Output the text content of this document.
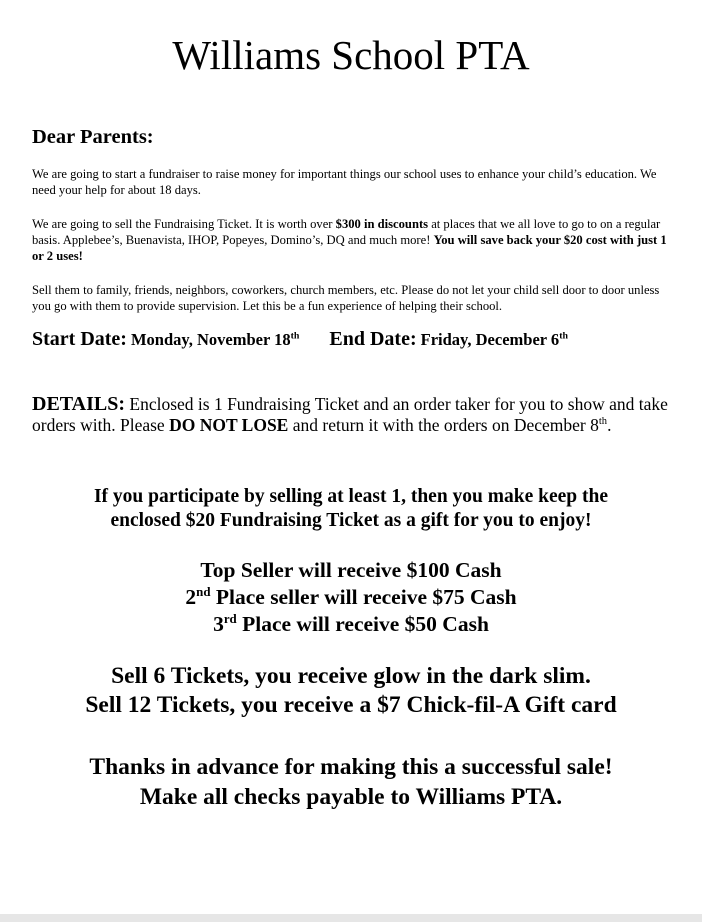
Williams School PTA

Dear Parents:

We are going to start a fundraiser to raise money for important things our school uses to enhance your child’s education. We need your help for about 18 days.

We are going to sell the Fundraising Ticket. It is worth over $300 in discounts at places that we all love to go to on a regular basis. Applebee’s, Buenavista, IHOP, Popeyes, Domino’s, DQ and much more! You will save back your $20 cost with just 1 or 2 uses!

Sell them to family, friends, neighbors, coworkers, church members, etc. Please do not let your child sell door to door unless you go with them to provide supervision. Let this be a fun experience of helping their school.

Start Date: Monday, November 18th End Date: Friday, December 6th

DETAILS: Enclosed is 1 Fundraising Ticket and an order taker for you to show and take orders with. Please DO NOT LOSE and return it with the orders on December 8th.

If you participate by selling at least 1, then you make keep the
enclosed $20 Fundraising Ticket as a gift for you to enjoy!

Top Seller will receive $100 Cash
2nd Place seller will receive $75 Cash
3rd Place will receive $50 Cash

Sell 6 Tickets, you receive glow in the dark slim.
Sell 12 Tickets, you receive a $7 Chick-fil-A Gift card

Thanks in advance for making this a successful sale!
Make all checks payable to Williams PTA.
